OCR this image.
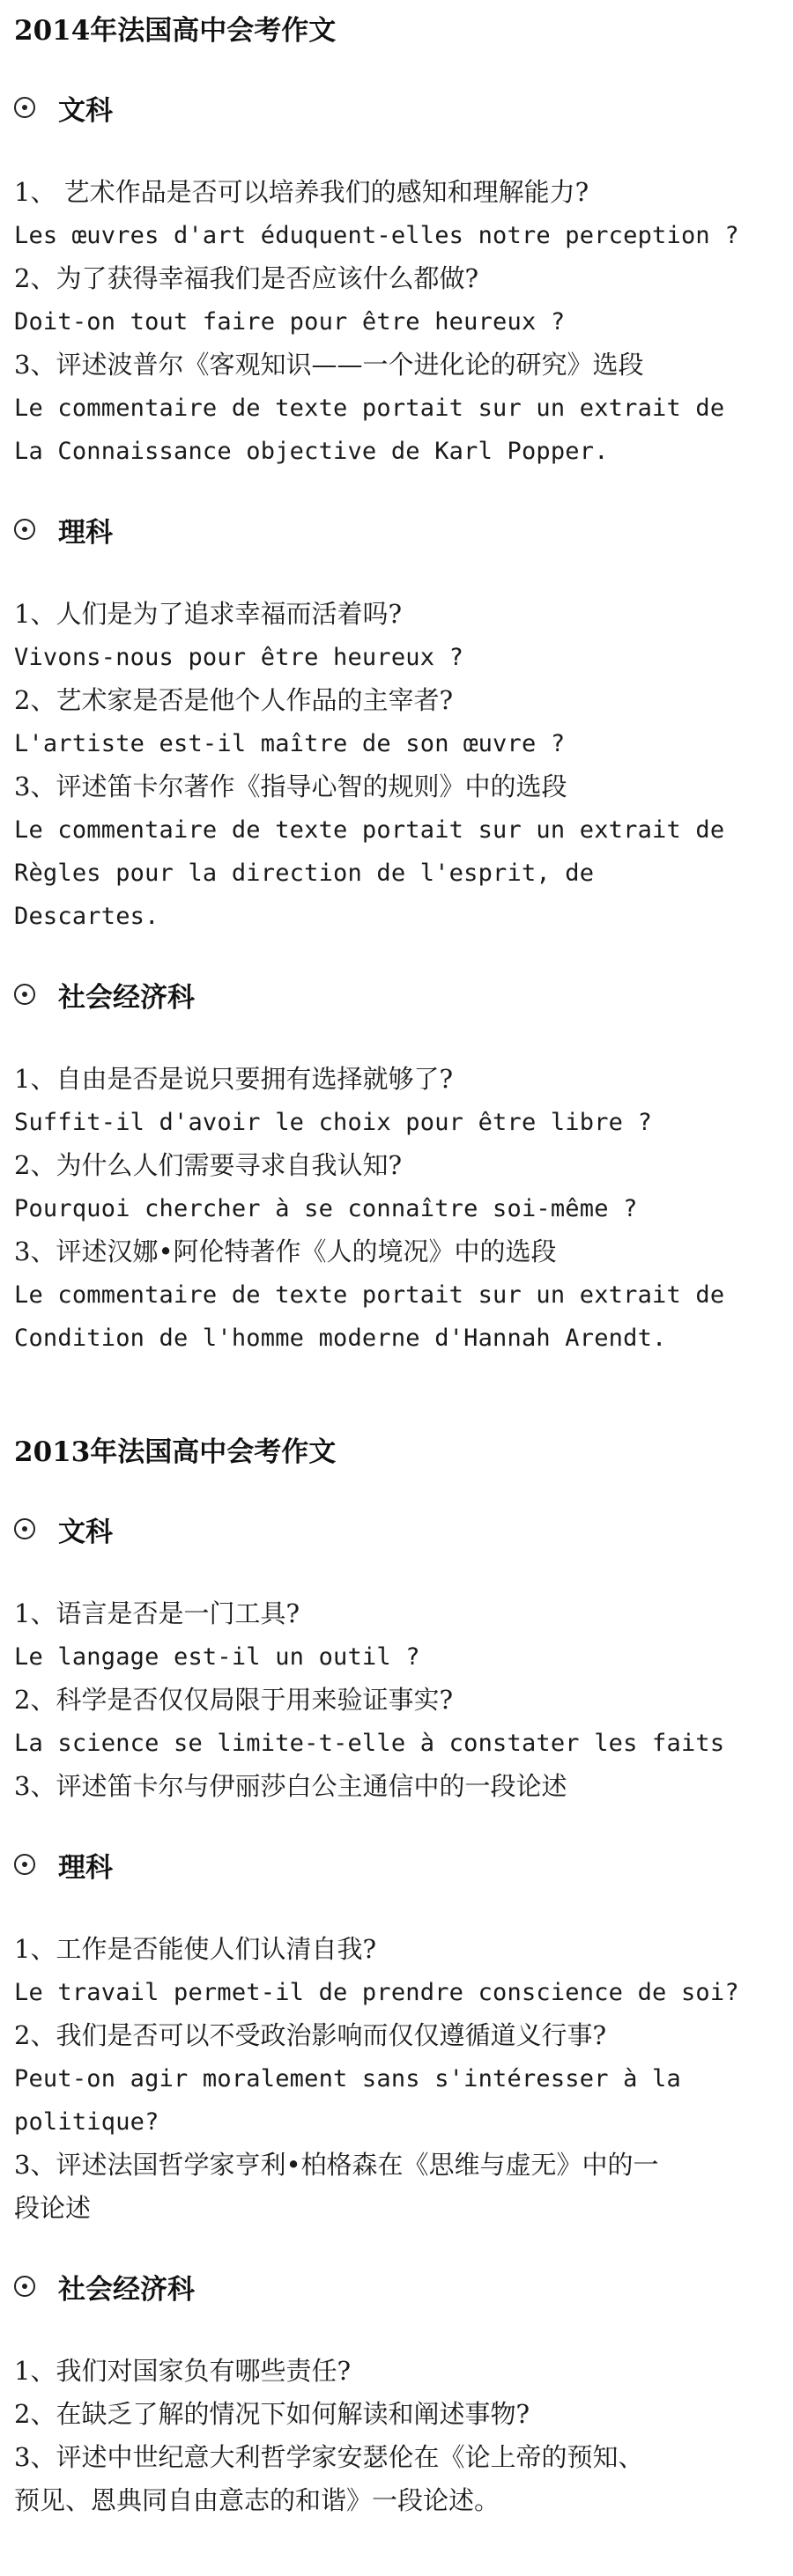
2014年法国高中会考作文
文科
1、 艺术作品是否可以培养我们的感知和理解能力?
Les œuvres d'art éduquent-elles notre perception ?
2、为了获得幸福我们是否应该什么都做?
Doit-on tout faire pour être heureux ?
3、评述波普尔《客观知识——一个进化论的研究》选段
Le commentaire de texte portait sur un extrait de
La Connaissance objective de Karl Popper.
理科
1、人们是为了追求幸福而活着吗?
Vivons-nous pour être heureux ?
2、艺术家是否是他个人作品的主宰者?
L'artiste est-il maître de son œuvre ?
3、评述笛卡尔著作《指导心智的规则》中的选段
Le commentaire de texte portait sur un extrait de
Règles pour la direction de l'esprit, de
Descartes.
社会经济科
1、自由是否是说只要拥有选择就够了?
Suffit-il d'avoir le choix pour être libre ?
2、为什么人们需要寻求自我认知?
Pourquoi chercher à se connaître soi-même ?
3、评述汉娜•阿伦特著作《人的境况》中的选段
Le commentaire de texte portait sur un extrait de
Condition de l'homme moderne d'Hannah Arendt.
2013年法国高中会考作文
文科
1、语言是否是一门工具?
Le langage est-il un outil ?
2、科学是否仅仅局限于用来验证事实?
La science se limite-t-elle à constater les faits
3、评述笛卡尔与伊丽莎白公主通信中的一段论述
理科
1、工作是否能使人们认清自我?
Le travail permet-il de prendre conscience de soi?
2、我们是否可以不受政治影响而仅仅遵循道义行事?
Peut-on agir moralement sans s'intéresser à la
politique?
3、评述法国哲学家亨利•柏格森在《思维与虚无》中的一
段论述
社会经济科
1、我们对国家负有哪些责任?
2、在缺乏了解的情况下如何解读和阐述事物?
3、评述中世纪意大利哲学家安瑟伦在《论上帝的预知、
预见、恩典同自由意志的和谐》一段论述。
